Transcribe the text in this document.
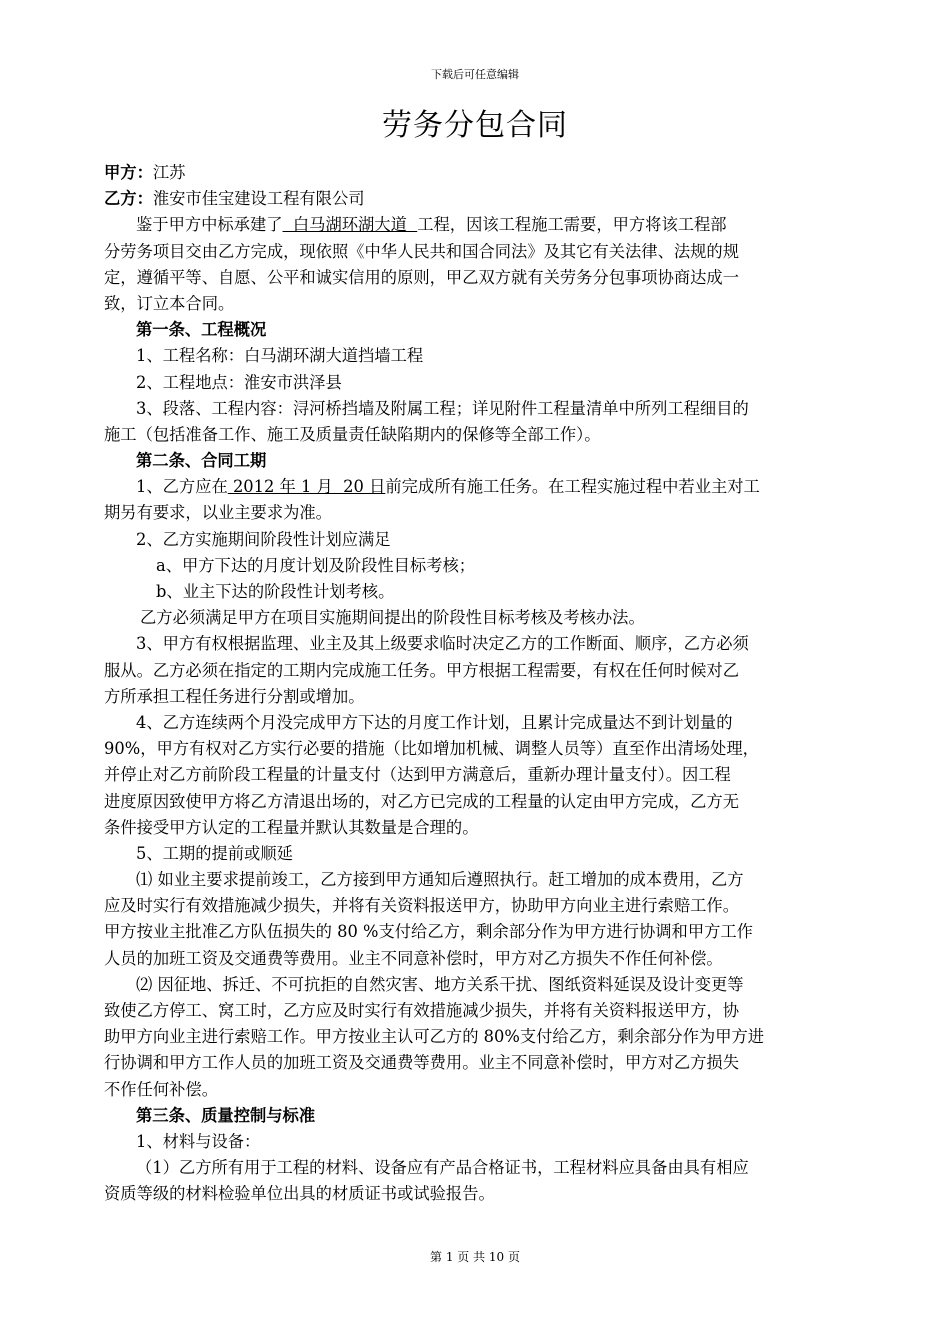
下载后可任意编辑
劳务分包合同
甲方：江苏
乙方：淮安市佳宝建设工程有限公司
鉴于甲方中标承建了  白马湖环湖大道  工程，因该工程施工需要，甲方将该工程部
分劳务项目交由乙方完成，现依照《中华人民共和国合同法》及其它有关法律、法规的规
定，遵循平等、自愿、公平和诚实信用的原则，甲乙双方就有关劳务分包事项协商达成一
致，订立本合同。
第一条、工程概况
1、工程名称：白马湖环湖大道挡墙工程
2、工程地点：淮安市洪泽县
3、段落、工程内容：浔河桥挡墙及附属工程；详见附件工程量清单中所列工程细目的
施工（包括准备工作、施工及质量责任缺陷期内的保修等全部工作）。
第二条、合同工期
1、乙方应在 2012 年 1 月  20 日前完成所有施工任务。在工程实施过程中若业主对工
期另有要求，以业主要求为准。
2、乙方实施期间阶段性计划应满足
a、甲方下达的月度计划及阶段性目标考核；
b、业主下达的阶段性计划考核。
乙方必须满足甲方在项目实施期间提出的阶段性目标考核及考核办法。
3、甲方有权根据监理、业主及其上级要求临时决定乙方的工作断面、顺序，乙方必须
服从。乙方必须在指定的工期内完成施工任务。甲方根据工程需要，有权在任何时候对乙
方所承担工程任务进行分割或增加。
4、乙方连续两个月没完成甲方下达的月度工作计划，且累计完成量达不到计划量的
90%，甲方有权对乙方实行必要的措施（比如增加机械、调整人员等）直至作出清场处理，
并停止对乙方前阶段工程量的计量支付（达到甲方满意后，重新办理计量支付）。因工程
进度原因致使甲方将乙方清退出场的，对乙方已完成的工程量的认定由甲方完成，乙方无
条件接受甲方认定的工程量并默认其数量是合理的。
5、工期的提前或顺延
⑴ 如业主要求提前竣工，乙方接到甲方通知后遵照执行。赶工增加的成本费用，乙方
应及时实行有效措施减少损失，并将有关资料报送甲方，协助甲方向业主进行索赔工作。
甲方按业主批准乙方队伍损失的 80 %支付给乙方，剩余部分作为甲方进行协调和甲方工作
人员的加班工资及交通费等费用。业主不同意补偿时，甲方对乙方损失不作任何补偿。
⑵ 因征地、拆迁、不可抗拒的自然灾害、地方关系干扰、图纸资料延误及设计变更等
致使乙方停工、窝工时，乙方应及时实行有效措施减少损失，并将有关资料报送甲方，协
助甲方向业主进行索赔工作。甲方按业主认可乙方的 80%支付给乙方，剩余部分作为甲方进
行协调和甲方工作人员的加班工资及交通费等费用。业主不同意补偿时，甲方对乙方损失
不作任何补偿。
第三条、质量控制与标准
1、材料与设备：
（1）乙方所有用于工程的材料、设备应有产品合格证书，工程材料应具备由具有相应
资质等级的材料检验单位出具的材质证书或试验报告。
第 1 页 共 10 页
